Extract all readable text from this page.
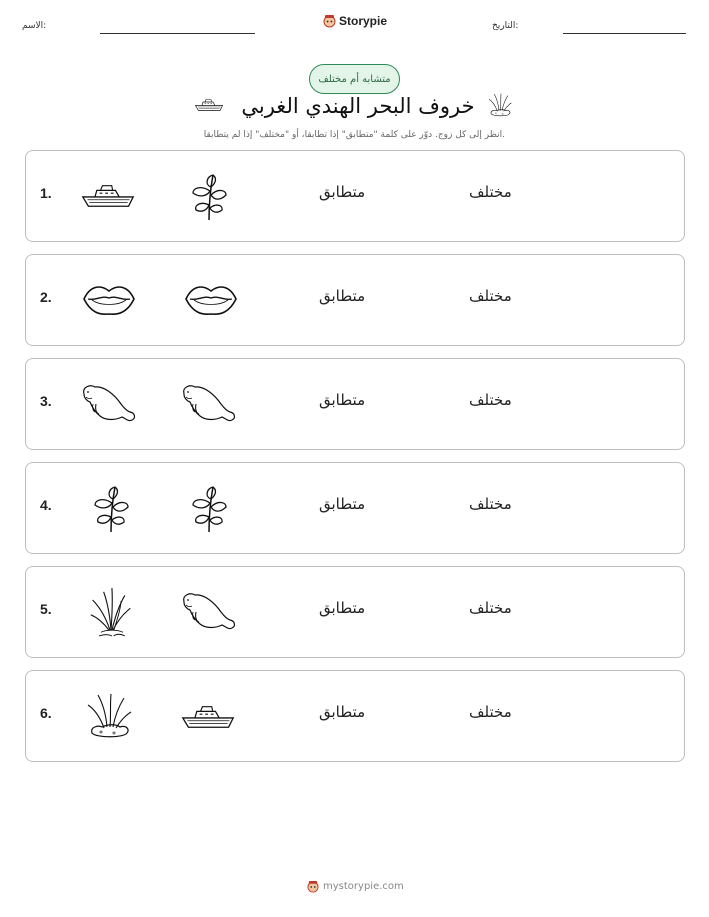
الاسم:	Storypie	التاريخ:
متشابه أم مختلف
خروف البحر الهندي الغربي
انظر إلى كل زوج. دوّر على كلمة "متطابق" إذا تطابقا، أو "مختلف" إذا لم يتطابقا.
1.	متطابق	مختلف
2.	متطابق	مختلف
3.	متطابق	مختلف
4.	متطابق	مختلف
5.	متطابق	مختلف
6.	متطابق	مختلف
mystorypie.com
